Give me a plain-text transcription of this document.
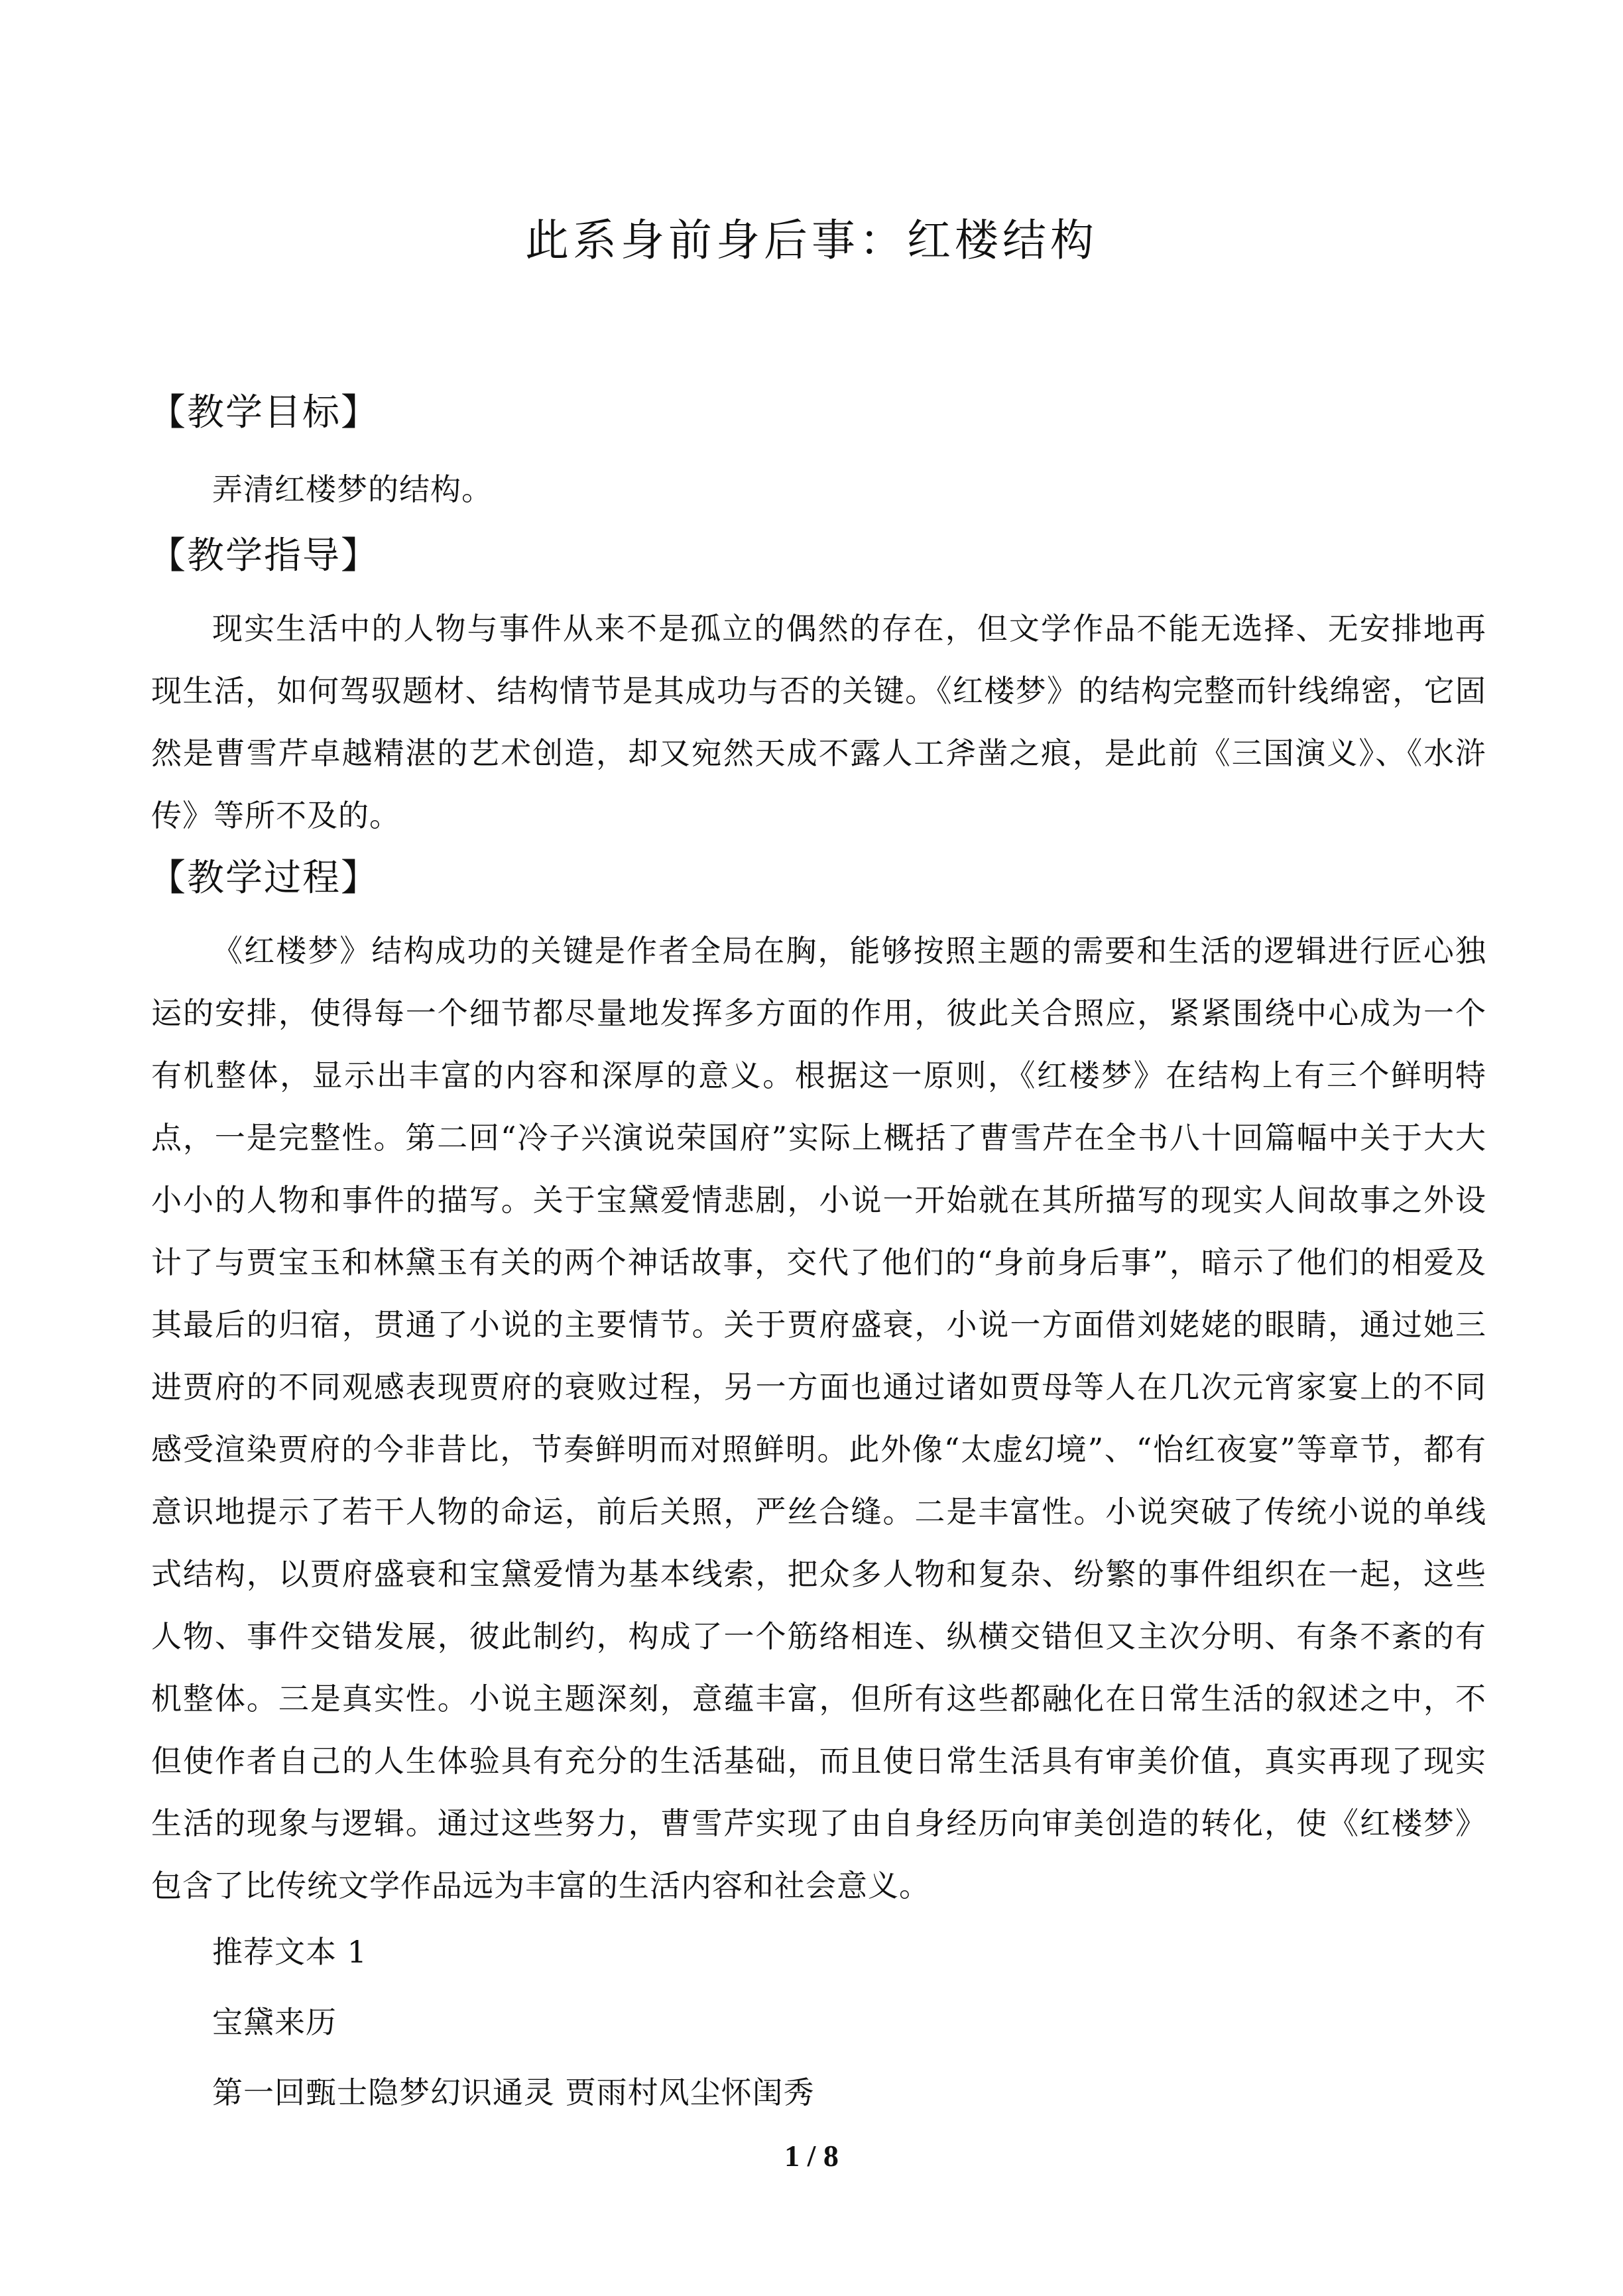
此系身前身后事：红楼结构
【教学目标】

弄清红楼梦的结构。

【教学指导】

现实生活中的人物与事件从来不是孤立的偶然的存在，但文学作品不能无选择、无安排地再现生活，如何驾驭题材、结构情节是其成功与否的关键。《红楼梦》的结构完整而针线绵密，它固然是曹雪芹卓越精湛的艺术创造，却又宛然天成不露人工斧凿之痕，是此前《三国演义》、《水浒传》等所不及的。

【教学过程】

《红楼梦》结构成功的关键是作者全局在胸，能够按照主题的需要和生活的逻辑进行匠心独运的安排，使得每一个细节都尽量地发挥多方面的作用，彼此关合照应，紧紧围绕中心成为一个有机整体，显示出丰富的内容和深厚的意义。根据这一原则，《红楼梦》在结构上有三个鲜明特点，一是完整性。第二回“冷子兴演说荣国府”实际上概括了曹雪芹在全书八十回篇幅中关于大大小小的人物和事件的描写。关于宝黛爱情悲剧，小说一开始就在其所描写的现实人间故事之外设计了与贾宝玉和林黛玉有关的两个神话故事，交代了他们的“身前身后事”，暗示了他们的相爱及其最后的归宿，贯通了小说的主要情节。关于贾府盛衰，小说一方面借刘姥姥的眼睛，通过她三进贾府的不同观感表现贾府的衰败过程，另一方面也通过诸如贾母等人在几次元宵家宴上的不同感受渲染贾府的今非昔比，节奏鲜明而对照鲜明。此外像“太虚幻境”、“怡红夜宴”等章节，都有意识地提示了若干人物的命运，前后关照，严丝合缝。二是丰富性。小说突破了传统小说的单线式结构，以贾府盛衰和宝黛爱情为基本线索，把众多人物和复杂、纷繁的事件组织在一起，这些人物、事件交错发展，彼此制约，构成了一个筋络相连、纵横交错但又主次分明、有条不紊的有机整体。三是真实性。小说主题深刻，意蕴丰富，但所有这些都融化在日常生活的叙述之中，不但使作者自己的人生体验具有充分的生活基础，而且使日常生活具有审美价值，真实再现了现实生活的现象与逻辑。通过这些努力，曹雪芹实现了由自身经历向审美创造的转化，使《红楼梦》包含了比传统文学作品远为丰富的生活内容和社会意义。

推荐文本 1

宝黛来历

第一回甄士隐梦幻识通灵 贾雨村风尘怀闺秀

1 / 8
